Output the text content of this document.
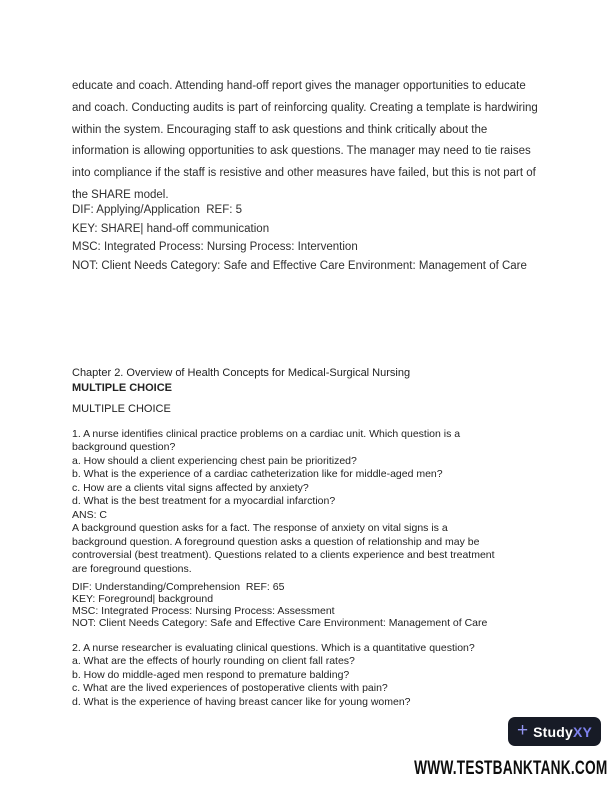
educate and coach. Attending hand-off report gives the manager opportunities to educate
and coach. Conducting audits is part of reinforcing quality. Creating a template is hardwiring
within the system. Encouraging staff to ask questions and think critically about the
information is allowing opportunities to ask questions. The manager may need to tie raises
into compliance if the staff is resistive and other measures have failed, but this is not part of
the SHARE model.
DIF: Applying/Application  REF: 5
KEY: SHARE| hand-off communication
MSC: Integrated Process: Nursing Process: Intervention
NOT: Client Needs Category: Safe and Effective Care Environment: Management of Care
Chapter 2. Overview of Health Concepts for Medical-Surgical Nursing
MULTIPLE CHOICE
MULTIPLE CHOICE
1. A nurse identifies clinical practice problems on a cardiac unit. Which question is a
background question?
a. How should a client experiencing chest pain be prioritized?
b. What is the experience of a cardiac catheterization like for middle-aged men?
c. How are a clients vital signs affected by anxiety?
d. What is the best treatment for a myocardial infarction?
ANS: C
A background question asks for a fact. The response of anxiety on vital signs is a
background question. A foreground question asks a question of relationship and may be
controversial (best treatment). Questions related to a clients experience and best treatment
are foreground questions.
DIF: Understanding/Comprehension  REF: 65
KEY: Foreground| background
MSC: Integrated Process: Nursing Process: Assessment
NOT: Client Needs Category: Safe and Effective Care Environment: Management of Care
2. A nurse researcher is evaluating clinical questions. Which is a quantitative question?
a. What are the effects of hourly rounding on client fall rates?
b. How do middle-aged men respond to premature balding?
c. What are the lived experiences of postoperative clients with pain?
d. What is the experience of having breast cancer like for young women?
+ Study XY
WWW.TESTBANKTANK.COM
